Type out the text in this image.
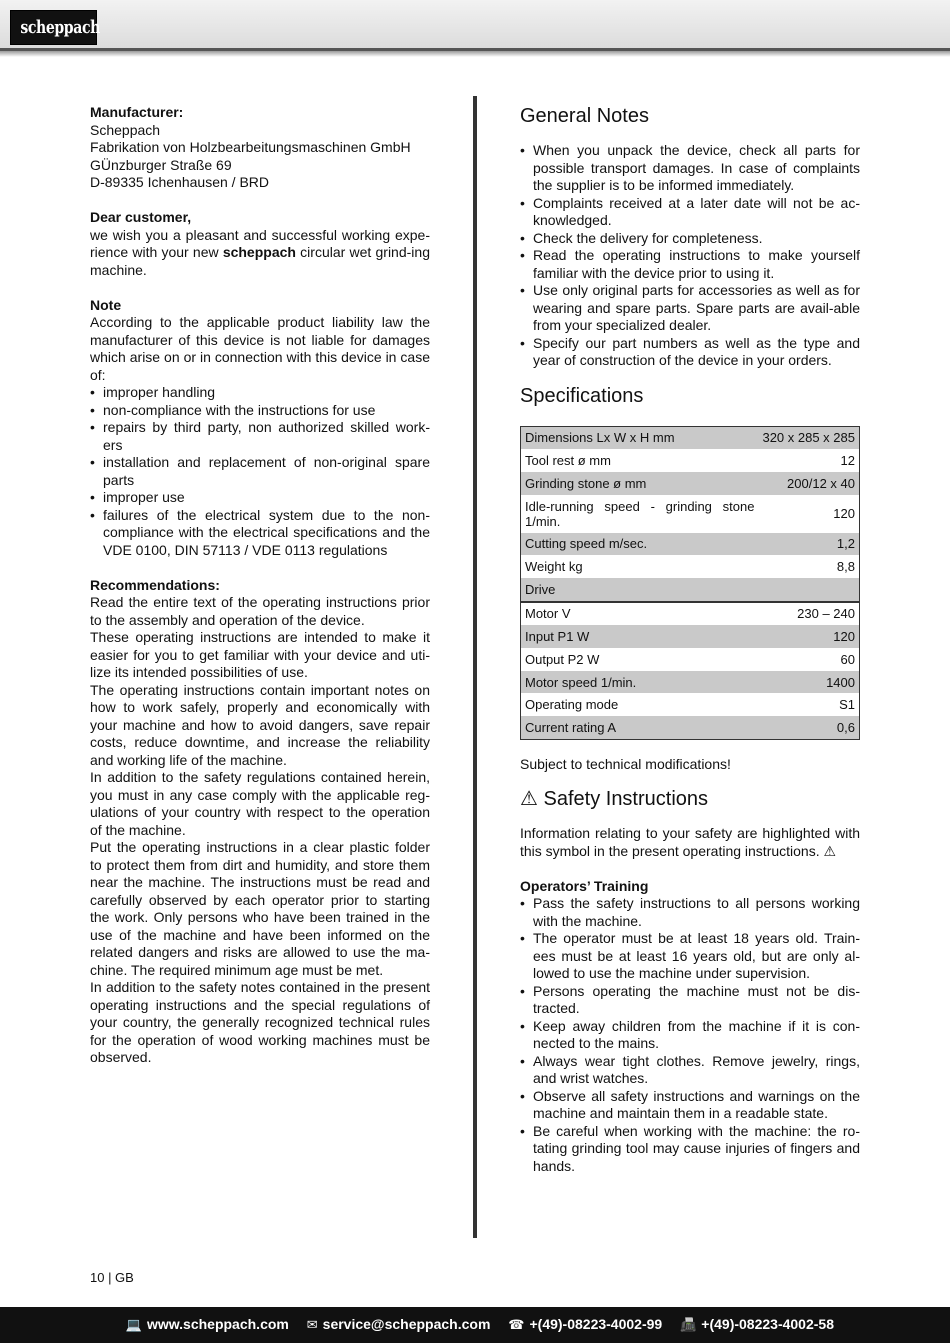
scheppach

Manufacturer:

Scheppach

Fabrikation von Holzbearbeitungsmaschinen GmbH

GÜnzburger Straße 69

D-89335 Ichenhausen / BRD

Dear customer,

we wish you a pleasant and successful working expe-rience with your new scheppach circular wet grind-ing machine.

Note

According to the applicable product liability law the manufacturer of this device is not liable for damages which arise on or in connection with this device in case of:

• improper handling
• non-compliance with the instructions for use
• repairs by third party, non authorized skilled work-ers
• installation and replacement of non-original spare parts
• improper use
• failures of the electrical system due to the non-compliance with the electrical specifications and the VDE 0100, DIN 57113 / VDE 0113 regulations

Recommendations:

Read the entire text of the operating instructions prior to the assembly and operation of the device.

These operating instructions are intended to make it easier for you to get familiar with your device and uti-lize its intended possibilities of use.

The operating instructions contain important notes on how to work safely, properly and economically with your machine and how to avoid dangers, save repair costs, reduce downtime, and increase the reliability and working life of the machine.

In addition to the safety regulations contained herein, you must in any case comply with the applicable reg-ulations of your country with respect to the operation of the machine.

Put the operating instructions in a clear plastic folder to protect them from dirt and humidity, and store them near the machine. The instructions must be read and carefully observed by each operator prior to starting the work. Only persons who have been trained in the use of the machine and have been informed on the related dangers and risks are allowed to use the ma-chine. The required minimum age must be met.

In addition to the safety notes contained in the present operating instructions and the special regulations of your country, the generally recognized technical rules for the operation of wood working machines must be observed.

General Notes
• When you unpack the device, check all parts for possible transport damages. In case of complaints the supplier is to be informed immediately.
• Complaints received at a later date will not be ac-knowledged.
• Check the delivery for completeness.
• Read the operating instructions to make yourself familiar with the device prior to using it.
• Use only original parts for accessories as well as for wearing and spare parts. Spare parts are avail-able from your specialized dealer.
• Specify our part numbers as well as the type and year of construction of the device in your orders.
Specifications
Dimensions Lx W x H mm	320 x 285 x 285
Tool rest ø mm	12
Grinding stone ø mm	200/12 x 40
Idle-running speed - grinding stone 1/min.	120
Cutting speed m/sec.	1,2
Weight kg	8,8
Drive	
Motor V	230 – 240
Input P1 W	120
Output P2 W	60
Motor speed 1/min.	1400
Operating mode	S1
Current rating A	0,6

Subject to technical modifications!

⚠ Safety Instructions

Information relating to your safety are highlighted with this symbol in the present operating instructions. ⚠

Operators’ Training

• Pass the safety instructions to all persons working with the machine.
• The operator must be at least 18 years old. Train-ees must be at least 16 years old, but are only al-lowed to use the machine under supervision.
• Persons operating the machine must not be dis-tracted.
• Keep away children from the machine if it is con-nected to the mains.
• Always wear tight clothes. Remove jewelry, rings, and wrist watches.
• Observe all safety instructions and warnings on the machine and maintain them in a readable state.
• Be careful when working with the machine: the ro-tating grinding tool may cause injuries of fingers and hands.
10 | GB
💻 www.scheppach.com ✉ service@scheppach.com ☎ +(49)-08223-4002-99 📠 +(49)-08223-4002-58
